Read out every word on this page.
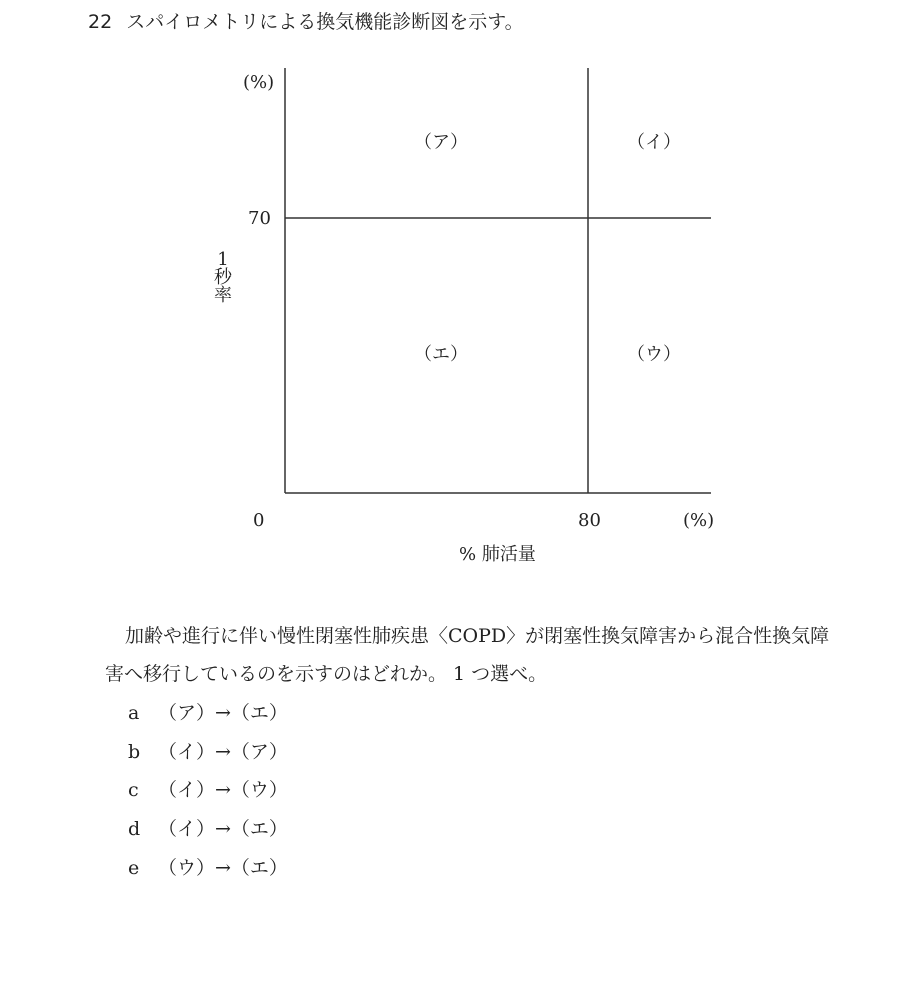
22 スパイロメトリによる換気機能診断図を示す。
(%)
70
1
秒
率
（ア）	（イ）
（エ）	（ウ）
0	80	(%)
% 肺活量
加齢や進行に伴い慢性閉塞性肺疾患〈COPD〉が閉塞性換気障害から混合性換気障害へ移行しているのを示すのはどれか。 1 つ選べ。
a （ア）→（エ）
b （イ）→（ア）
c （イ）→（ウ）
d （イ）→（エ）
e （ウ）→（エ）
